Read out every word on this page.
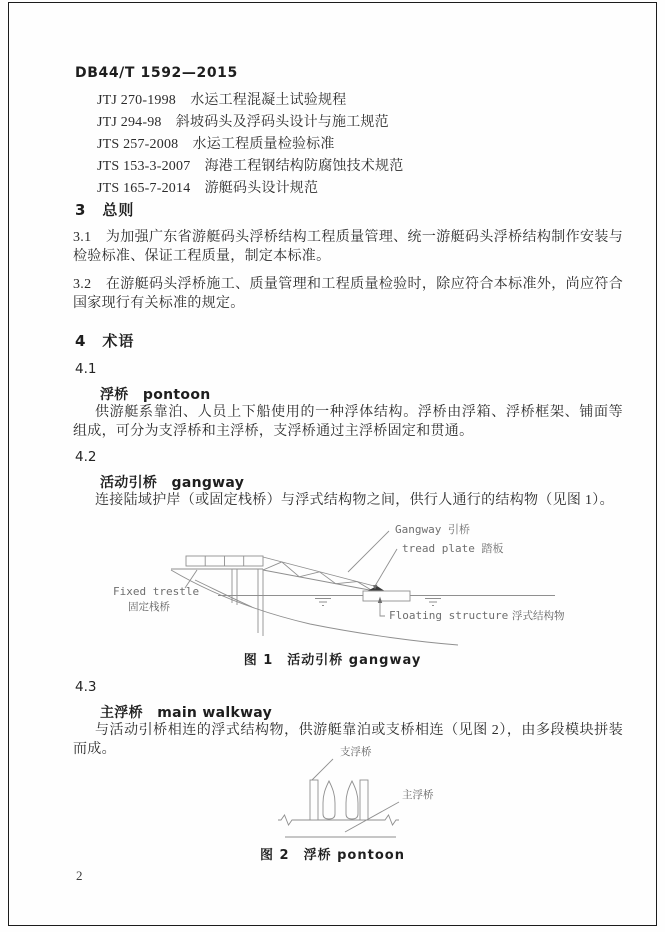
DB44/T 1592—2015
JTJ 270-1998　水运工程混凝土试验规程
JTJ 294-98　斜坡码头及浮码头设计与施工规范
JTS 257-2008　水运工程质量检验标准
JTS 153-3-2007　海港工程钢结构防腐蚀技术规范
JTS 165-7-2014　游艇码头设计规范
3　总则
3.1　为加强广东省游艇码头浮桥结构工程质量管理、统一游艇码头浮桥结构制作安装与检验标准、保证工程质量，制定本标准。
3.2　在游艇码头浮桥施工、质量管理和工程质量检验时，除应符合本标准外，尚应符合国家现行有关标准的规定。
4　术语
4.1
浮桥　pontoon
供游艇系靠泊、人员上下船使用的一种浮体结构。浮桥由浮箱、浮桥框架、铺面等组成，可分为支浮桥和主浮桥，支浮桥通过主浮桥固定和贯通。
4.2
活动引桥　gangway
连接陆域护岸（或固定栈桥）与浮式结构物之间，供行人通行的结构物（见图 1）。
Gangway 引桥
tread plate 踏板
Fixed trestle
固定栈桥
Floating structure 浮式结构物
图 1　活动引桥 gangway
4.3
主浮桥　main walkway
与活动引桥相连的浮式结构物，供游艇靠泊或支桥相连（见图 2），由多段模块拼装而成。	支浮桥
主浮桥
图 2　浮桥 pontoon
2
